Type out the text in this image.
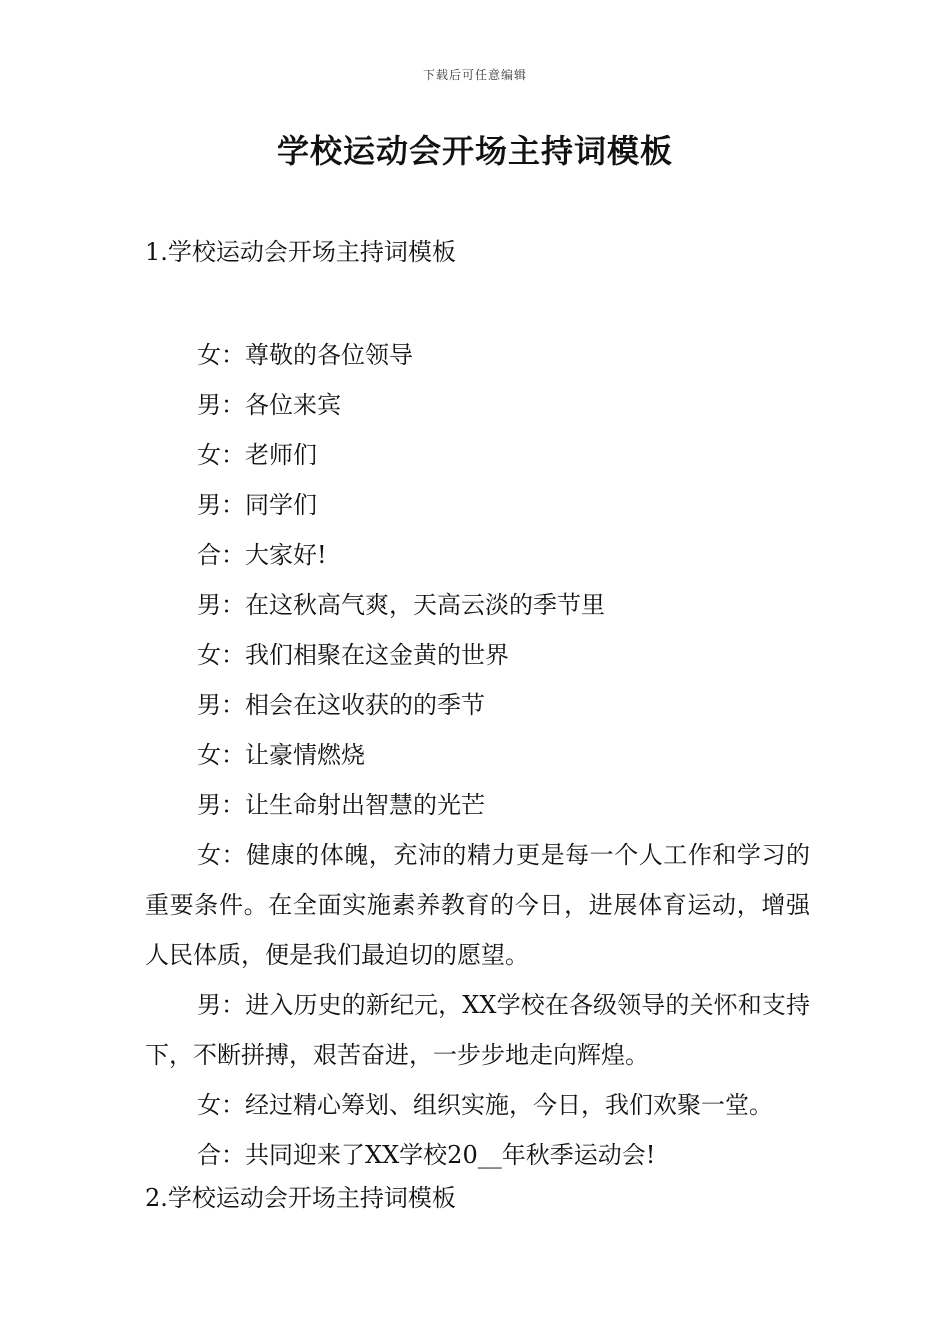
下载后可任意编辑
学校运动会开场主持词模板
1.学校运动会开场主持词模板

女：尊敬的各位领导

男：各位来宾

女：老师们

男：同学们

合：大家好!

男：在这秋高气爽，天高云淡的季节里

女：我们相聚在这金黄的世界

男：相会在这收获的的季节

女：让豪情燃烧

男：让生命射出智慧的光芒

女：健康的体魄，充沛的精力更是每一个人工作和学习的重要条件。在全面实施素养教育的今日，进展体育运动，增强人民体质，便是我们最迫切的愿望。

男：进入历史的新纪元，XX学校在各级领导的关怀和支持下，不断拼搏，艰苦奋进，一步步地走向辉煌。

女：经过精心筹划、组织实施，今日，我们欢聚一堂。

合：共同迎来了XX学校20__年秋季运动会!

2.学校运动会开场主持词模板
